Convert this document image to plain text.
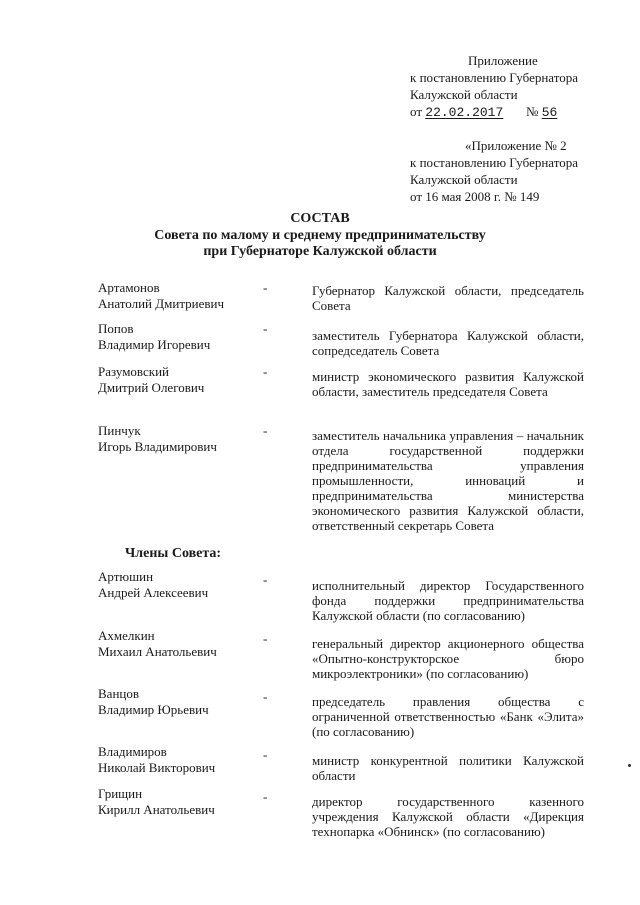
Приложение
к постановлению Губернатора
Калужской области
от 22.02.2017 № 56
«Приложение № 2
к постановлению Губернатора
Калужской области
от 16 мая 2008 г. № 149
СОСТАВ
Совета по малому и среднему предпринимательству
при Губернаторе Калужской области
Артамонов
Анатолий Дмитриевич
-	Губернатор Калужской области, председатель Совета
Попов
Владимир Игоревич
-	заместитель Губернатора Калужской области, сопредседатель Совета
Разумовский
Дмитрий Олегович
-	министр экономического развития Калужской области, заместитель председателя Совета
Пинчук
Игорь Владимирович
-	заместитель начальника управления – начальник отдела государственной поддержки предпринимательства управления промышленности, инноваций и предпринимательства министерства экономического развития Калужской области, ответственный секретарь Совета
Члены Совета:
Артюшин
Андрей Алексеевич
-	исполнительный директор Государственного фонда поддержки предпринимательства Калужской области (по согласованию)
Ахмелкин
Михаил Анатольевич
-	генеральный директор акционерного общества «Опытно-конструкторское бюро микроэлектроники» (по согласованию)
Ванцов
Владимир Юрьевич
-	председатель правления общества с ограниченной ответственностью «Банк «Элита» (по согласованию)
Владимиров
Николай Викторович
-	министр конкурентной политики Калужской области
Грищин
Кирилл Анатольевич
-	директор государственного казенного учреждения Калужской области «Дирекция технопарка «Обнинск» (по согласованию)
